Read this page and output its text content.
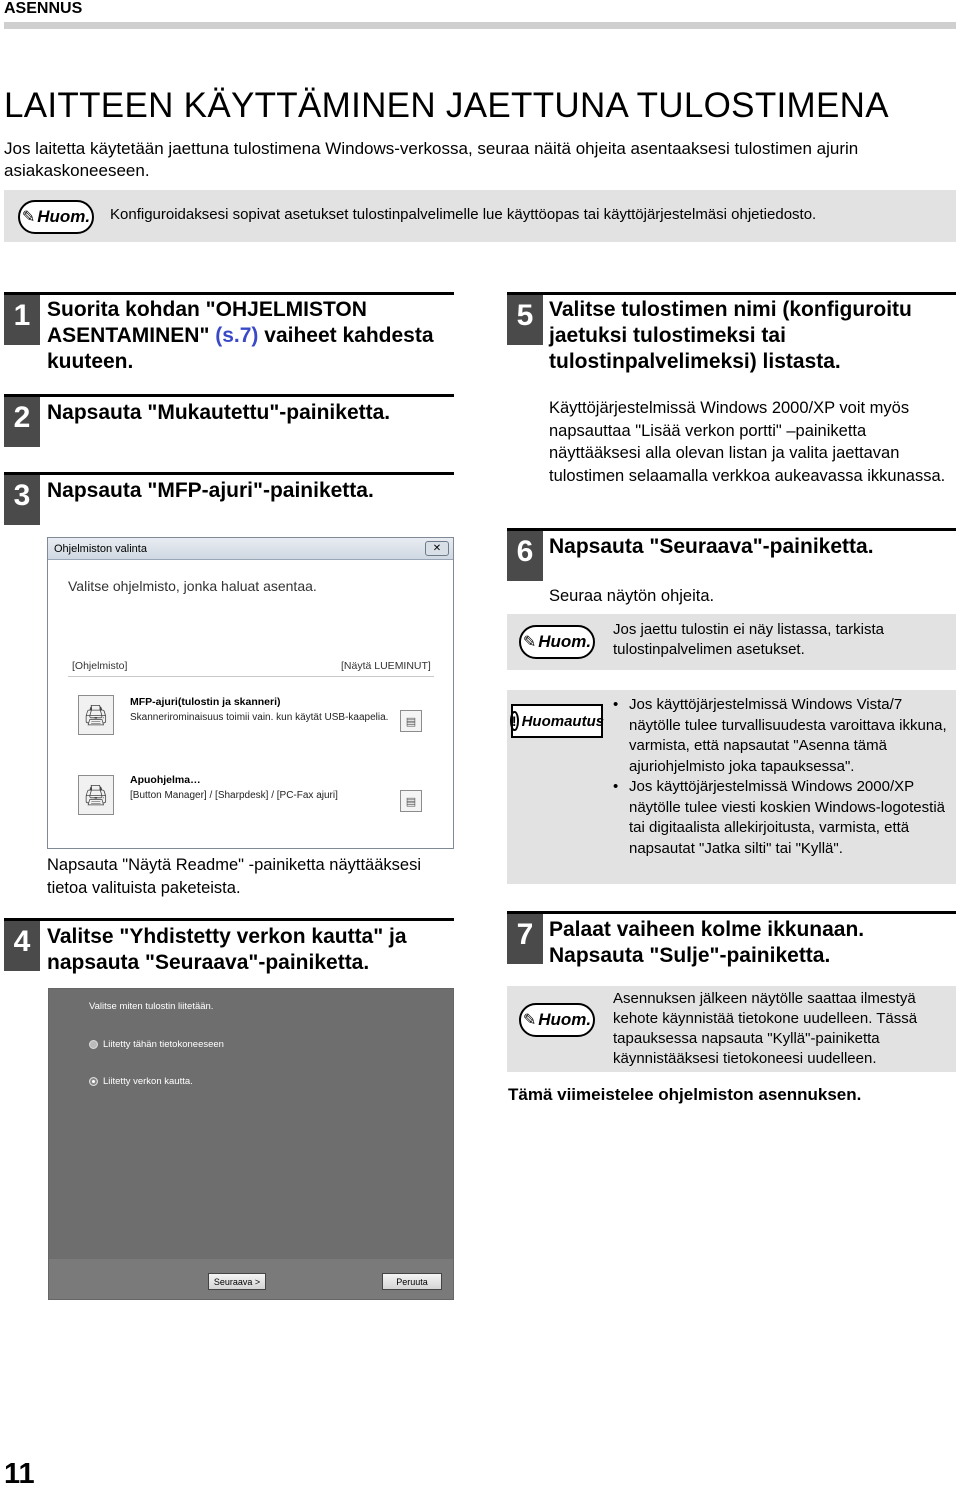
ASENNUS
LAITTEEN KÄYTTÄMINEN JAETTUNA TULOSTIMENA

Jos laitetta käytetään jaettuna tulostimena Windows-verkossa, seuraa näitä ohjeita asentaaksesi tulostimen ajurin asiakaskoneeseen.

✎ Huom. Konfiguroidaksesi sopivat asetukset tulostinpalvelimelle lue käyttöopas tai käyttöjärjestelmäsi ohjetiedosto.
1 Suorita kohdan "OHJELMISTON ASENTAMINEN" (s.7) vaiheet kahdesta kuuteen.
2 Napsauta "Mukautettu"-painiketta.
3 Napsauta "MFP-ajuri"-painiketta.
Ohjelmiston valinta	✕
Valitse ohjelmisto, jonka haluat asentaa.
[Ohjelmisto]	[Näytä LUEMINUT]
🖨
MFP-ajuri(tulostin ja skanneri)
Skannerirominaisuus toimii vain. kun käytät USB-kaapelia.	▤
🖨
Apuohjelma…
[Button Manager] / [Sharpdesk] / [PC-Fax ajuri]	▤
Napsauta "Näytä Readme" -painiketta näyttääksesi tietoa valituista paketeista.
4 Valitse "Yhdistetty verkon kautta" ja napsauta "Seuraava"-painiketta.
Valitse miten tulostin liitetään.
Liitetty tähän tietokoneeseen
Liitetty verkon kautta.
Seuraava >	Peruuta
5 Valitse tulostimen nimi (konfiguroitu jaetuksi tulostimeksi tai tulostinpalvelimeksi) listasta.
Käyttöjärjestelmissä Windows 2000/XP voit myös napsauttaa "Lisää verkon portti" –painiketta näyttääksesi alla olevan listan ja valita jaettavan tulostimen selaamalla verkkoa aukeavassa ikkunassa.
6 Napsauta "Seuraava"-painiketta.
Seuraa näytön ohjeita.
✎ Huom.
Jos jaettu tulostin ei näy listassa, tarkista tulostinpalvelimen asetukset.
! Huomautus
• Jos käyttöjärjestelmissä Windows Vista/7 näytölle tulee turvallisuudesta varoittava ikkuna, varmista, että napsautat "Asenna tämä ajuriohjelmisto joka tapauksessa".
• Jos käyttöjärjestelmissä Windows 2000/XP näytölle tulee viesti koskien Windows-logotestiä tai digitaalista allekirjoitusta, varmista, että napsautat "Jatka silti" tai "Kyllä".
7 Palaat vaiheen kolme ikkunaan.
Napsauta "Sulje"-painiketta.
✎ Huom.
Asennuksen jälkeen näytölle saattaa ilmestyä kehote käynnistää tietokone uudelleen. Tässä tapauksessa napsauta "Kyllä"-painiketta käynnistääksesi tietokoneesi uudelleen.
Tämä viimeistelee ohjelmiston asennuksen.
11
